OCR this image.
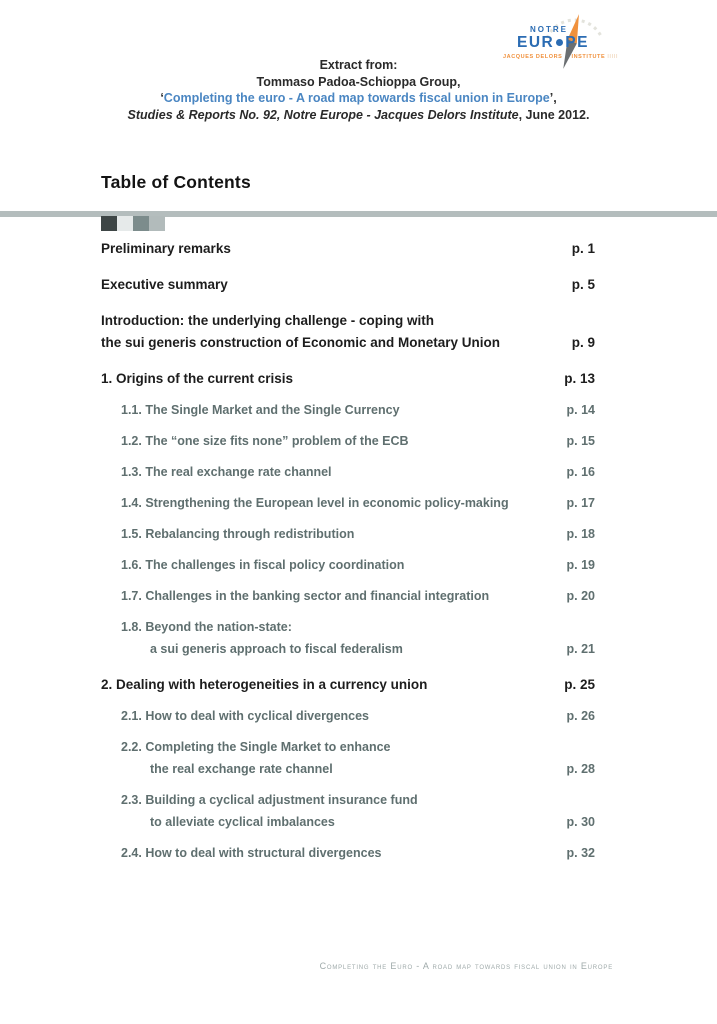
Extract from:
Tommaso Padoa-Schioppa Group,
‘Completing the euro - A road map towards fiscal union in Europe’,
Studies & Reports No. 92, Notre Europe - Jacques Delors Institute, June 2012.
NOTRE
EUR PE
JACQUES DELORS INSTITUTE IIIII
Table of Contents
Preliminary remarks	p. 1
Executive summary	p. 5
Introduction: the underlying challenge - coping with
the sui generis construction of Economic and Monetary Union	p. 9
1. Origins of the current crisis	p. 13
1.1. The Single Market and the Single Currency	p. 14
1.2. The “one size fits none” problem of the ECB	p. 15
1.3. The real exchange rate channel	p. 16
1.4. Strengthening the European level in economic policy-making	p. 17
1.5. Rebalancing through redistribution	p. 18
1.6. The challenges in fiscal policy coordination	p. 19
1.7. Challenges in the banking sector and financial integration	p. 20
1.8. Beyond the nation-state:
a sui generis approach to fiscal federalism	p. 21
2. Dealing with heterogeneities in a currency union	p. 25
2.1. How to deal with cyclical divergences	p. 26
2.2. Completing the Single Market to enhance
the real exchange rate channel	p. 28
2.3. Building a cyclical adjustment insurance fund
to alleviate cyclical imbalances	p. 30
2.4. How to deal with structural divergences	p. 32
Completing the Euro - A road map towards fiscal union in Europe
